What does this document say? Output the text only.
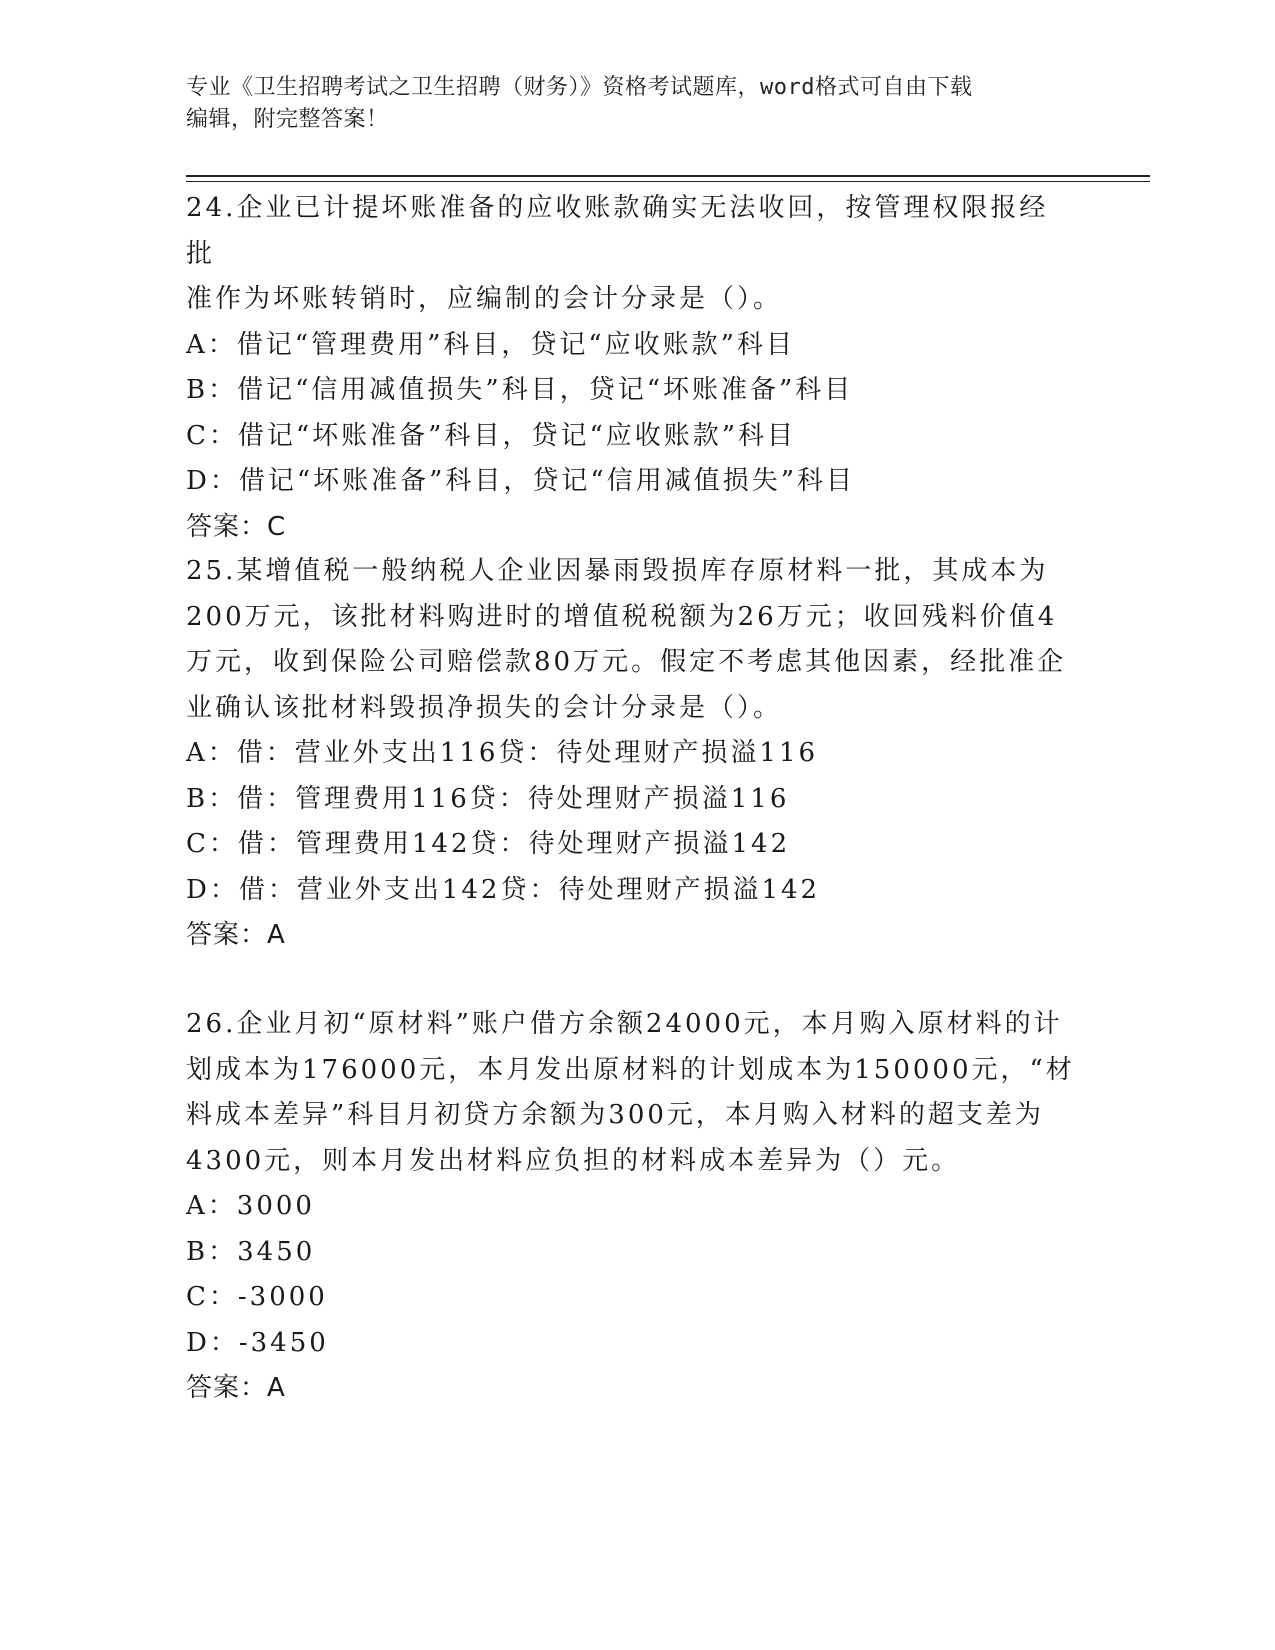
专业《卫生招聘考试之卫生招聘（财务）》资格考试题库，word格式可自由下载
编辑，附完整答案！

24.企业已计提坏账准备的应收账款确实无法收回，按管理权限报经批

准作为坏账转销时，应编制的会计分录是（）。

A：借记“管理费用”科目，贷记“应收账款”科目

B：借记“信用减值损失”科目，贷记“坏账准备”科目

C：借记“坏账准备”科目，贷记“应收账款”科目

D：借记“坏账准备”科目，贷记“信用减值损失”科目

答案：C

25.某增值税一般纳税人企业因暴雨毁损库存原材料一批，其成本为

200万元，该批材料购进时的增值税税额为26万元；收回残料价值4

万元，收到保险公司赔偿款80万元。假定不考虑其他因素，经批准企

业确认该批材料毁损净损失的会计分录是（）。

A：借：营业外支出116贷：待处理财产损溢116

B：借：管理费用116贷：待处理财产损溢116

C：借：管理费用142贷：待处理财产损溢142

D：借：营业外支出142贷：待处理财产损溢142

答案：A

26.企业月初“原材料”账户借方余额24000元，本月购入原材料的计

划成本为176000元，本月发出原材料的计划成本为150000元，“材

料成本差异”科目月初贷方余额为300元，本月购入材料的超支差为

4300元，则本月发出材料应负担的材料成本差异为（）元。

A：3000

B：3450

C：-3000

D：-3450

答案：A
